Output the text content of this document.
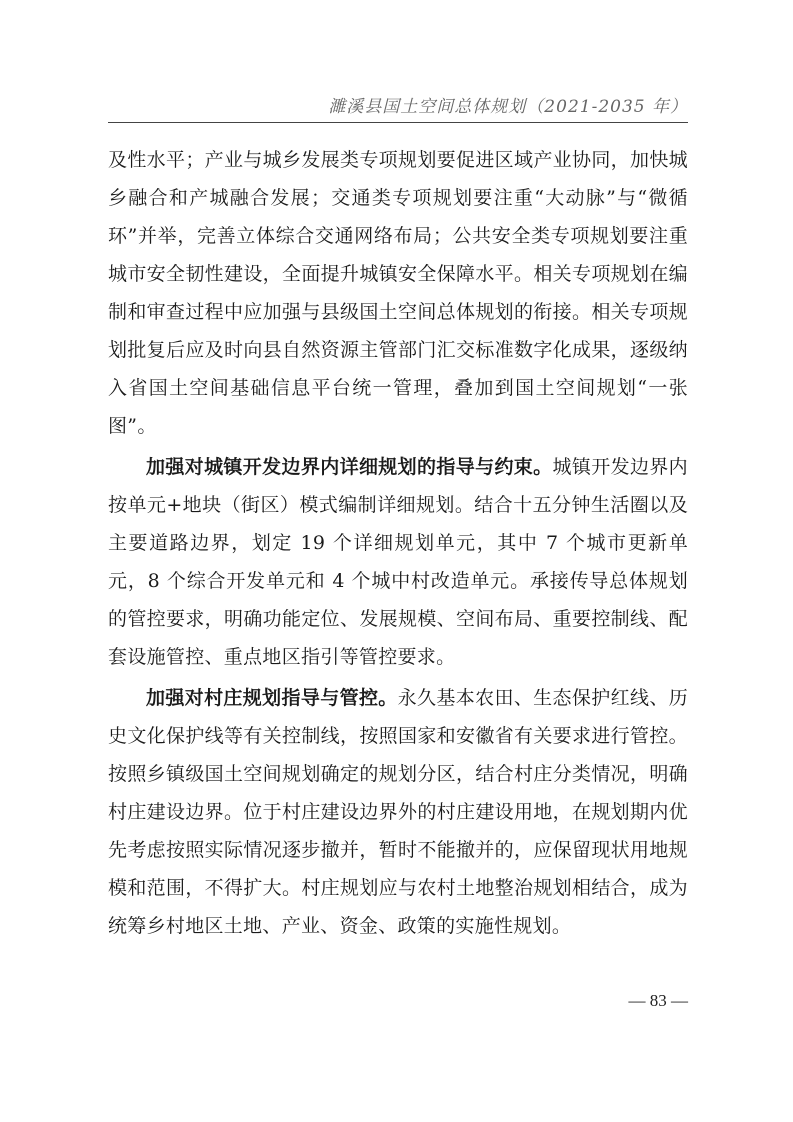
濉溪县国土空间总体规划（2021-2035 年）

及性水平；产业与城乡发展类专项规划要促进区域产业协同，加快城乡融合和产城融合发展；交通类专项规划要注重“大动脉”与“微循环”并举，完善立体综合交通网络布局；公共安全类专项规划要注重城市安全韧性建设，全面提升城镇安全保障水平。相关专项规划在编制和审查过程中应加强与县级国土空间总体规划的衔接。相关专项规划批复后应及时向县自然资源主管部门汇交标准数字化成果，逐级纳入省国土空间基础信息平台统一管理，叠加到国土空间规划“一张图”。

加强对城镇开发边界内详细规划的指导与约束。城镇开发边界内按单元+地块（街区）模式编制详细规划。结合十五分钟生活圈以及主要道路边界，划定 19 个详细规划单元，其中 7 个城市更新单元，8 个综合开发单元和 4 个城中村改造单元。承接传导总体规划的管控要求，明确功能定位、发展规模、空间布局、重要控制线、配套设施管控、重点地区指引等管控要求。

加强对村庄规划指导与管控。永久基本农田、生态保护红线、历史文化保护线等有关控制线，按照国家和安徽省有关要求进行管控。按照乡镇级国土空间规划确定的规划分区，结合村庄分类情况，明确村庄建设边界。位于村庄建设边界外的村庄建设用地，在规划期内优先考虑按照实际情况逐步撤并，暂时不能撤并的，应保留现状用地规模和范围，不得扩大。村庄规划应与农村土地整治规划相结合，成为统筹乡村地区土地、产业、资金、政策的实施性规划。

— 83 —
